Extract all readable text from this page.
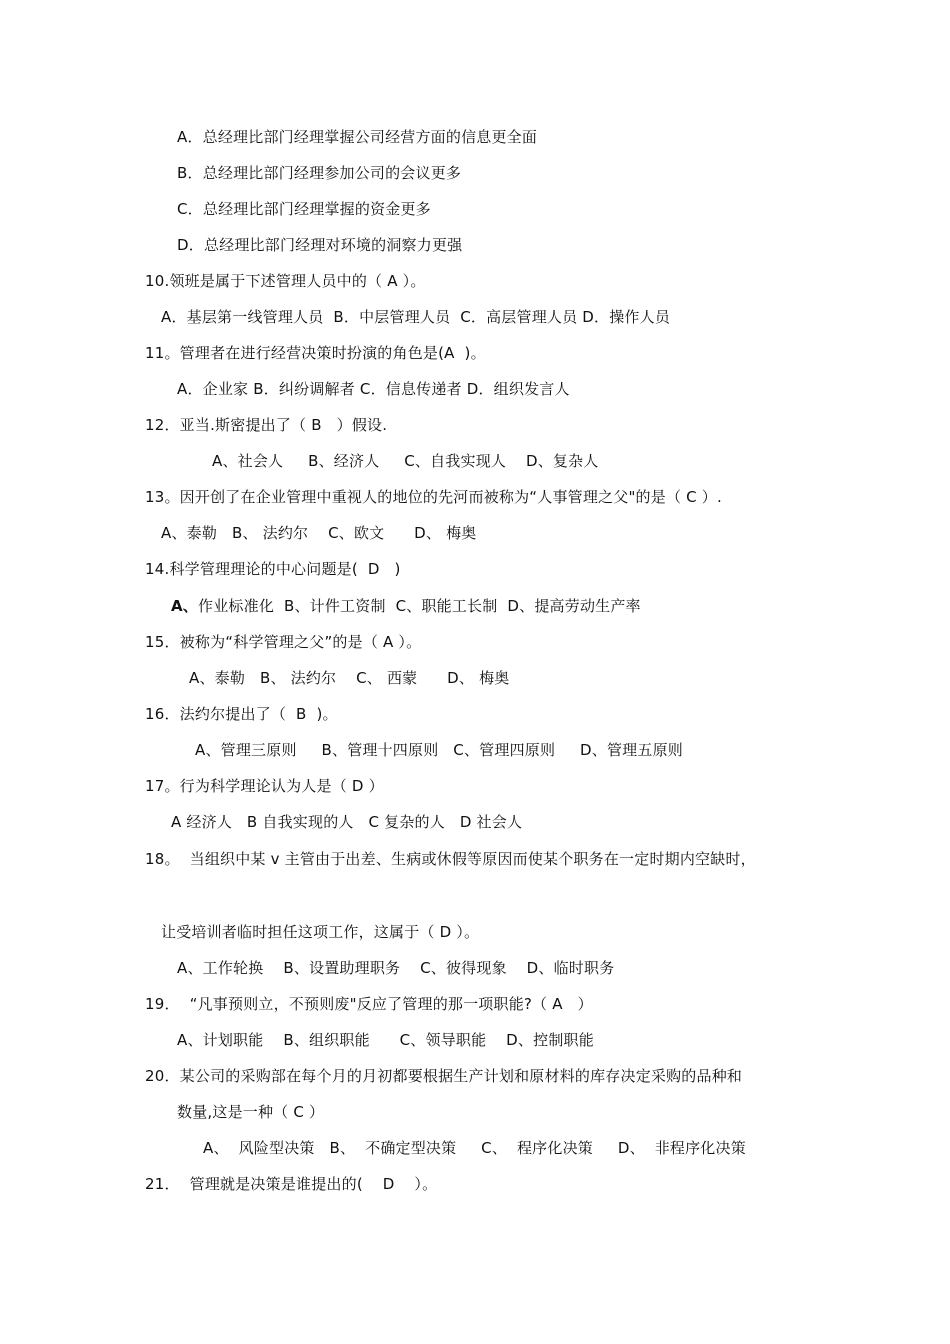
A．总经理比部门经理掌握公司经营方面的信息更全面
B．总经理比部门经理参加公司的会议更多
C．总经理比部门经理掌握的资金更多
D．总经理比部门经理对环境的洞察力更强
10.领班是属于下述管理人员中的（ A ）。
A．基层第一线管理人员  B．中层管理人员  C．高层管理人员 D．操作人员
11。管理者在进行经营决策时扮演的角色是(A  )。
A．企业家 B．纠纷调解者 C．信息传递者 D．组织发言人
12．亚当.斯密提出了（ B   ）假设.
A、社会人     B、经济人     C、自我实现人    D、复杂人
13。因开创了在企业管理中重视人的地位的先河而被称为“人事管理之父"的是（ C ）.
A、泰勒   B、 法约尔    C、欧文      D、 梅奥
14.科学管理理论的中心问题是(  D   )
A、作业标准化  B、计件工资制  C、职能工长制  D、提高劳动生产率
15．被称为“科学管理之父”的是（ A ）。
A、泰勒   B、 法约尔    C、 西蒙      D、 梅奥
16．法约尔提出了（  B  )。
A、管理三原则     B、管理十四原则   C、管理四原则     D、管理五原则
17。行为科学理论认为人是（ D ）
A 经济人   B 自我实现的人   C 复杂的人   D 社会人
18。  当组织中某 v 主管由于出差、生病或休假等原因而使某个职务在一定时期内空缺时，
让受培训者临时担任这项工作，这属于（ D ）。
A、工作轮换    B、设置助理职务    C、彼得现象    D、临时职务
19．  “凡事预则立，不预则废"反应了管理的那一项职能?（ A   ）
A、计划职能    B、组织职能      C、领导职能    D、控制职能
20．某公司的采购部在每个月的月初都要根据生产计划和原材料的库存决定采购的品种和
数量,这是一种（ C ）
A、  风险型决策   B、  不确定型决策     C、  程序化决策     D、  非程序化决策
21．  管理就是决策是谁提出的(    D    ）。
